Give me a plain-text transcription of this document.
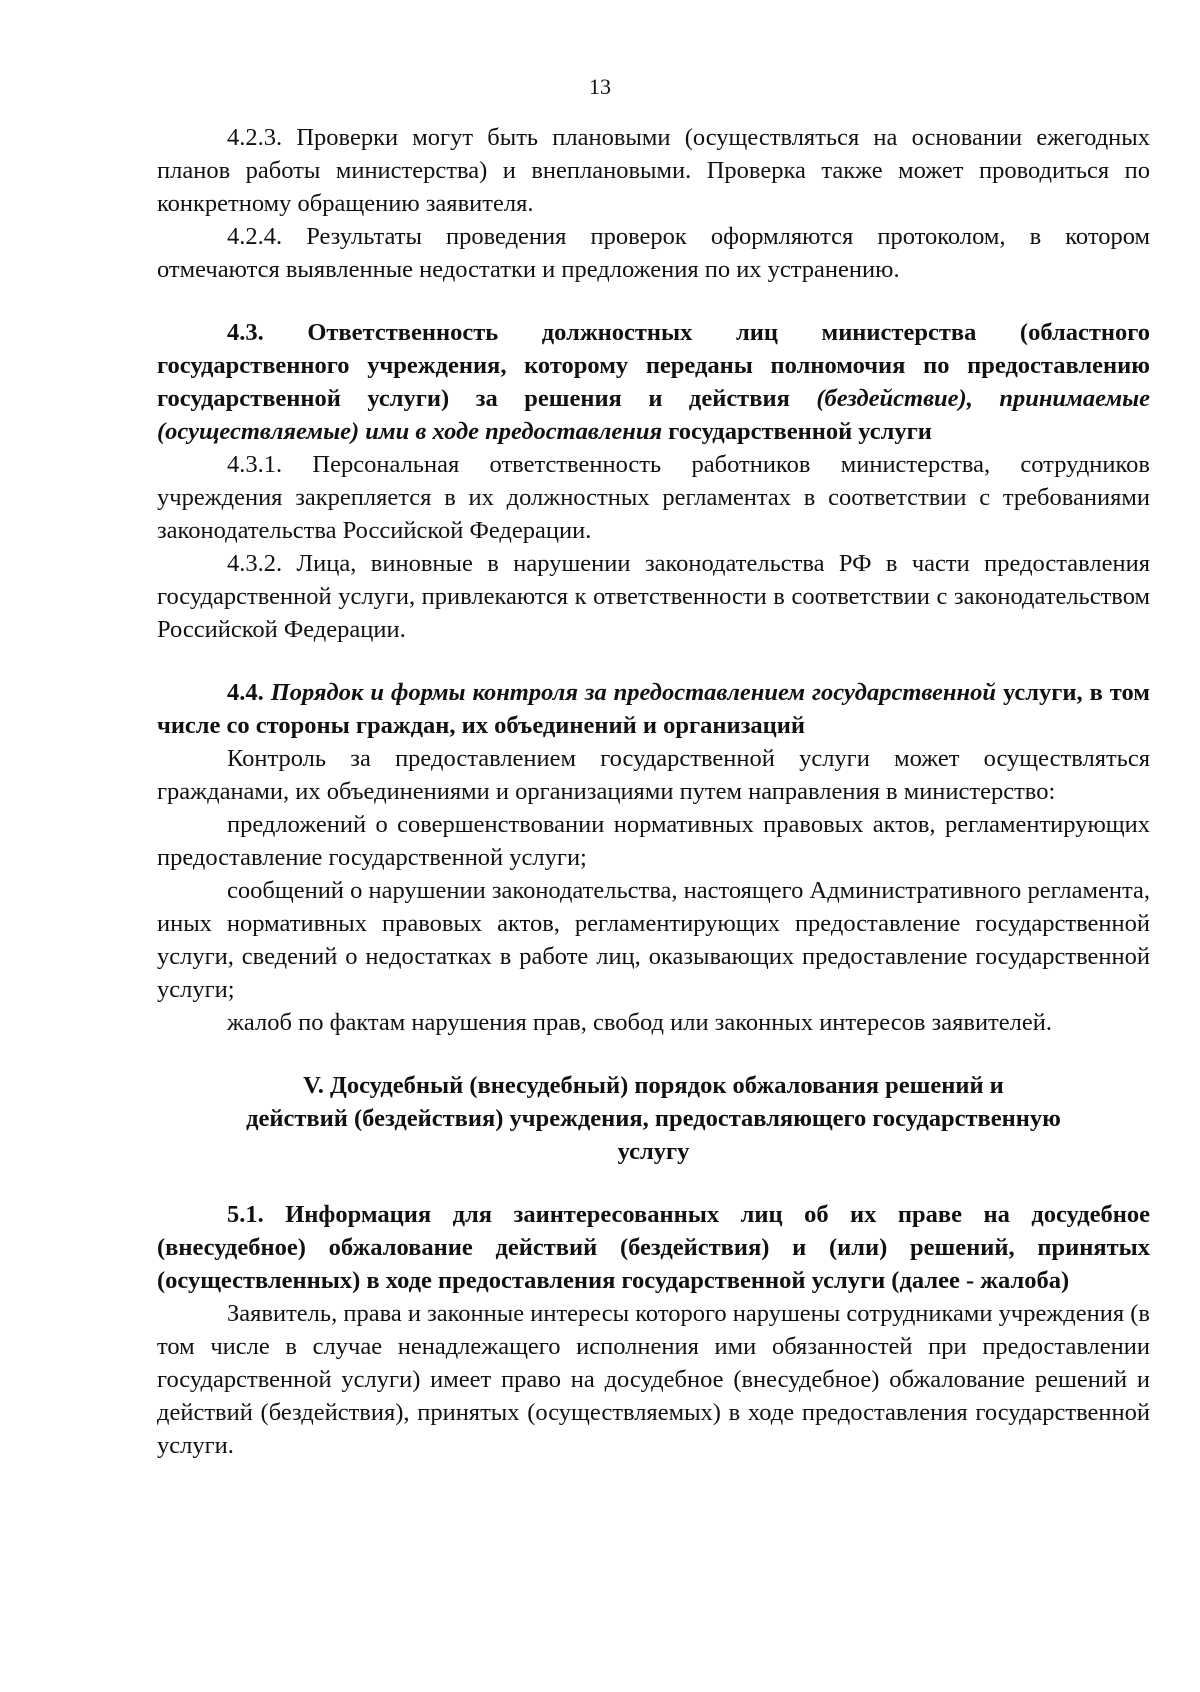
13

4.2.3. Проверки могут быть плановыми (осуществляться на основании ежегодных планов работы министерства) и внеплановыми. Проверка также может проводиться по конкретному обращению заявителя.

4.2.4. Результаты проведения проверок оформляются протоколом, в котором отмечаются выявленные недостатки и предложения по их устранению.

4.3. Ответственность должностных лиц министерства (областного государственного учреждения, которому переданы полномочия по предоставлению государственной услуги) за решения и действия (бездействие), принимаемые (осуществляемые) ими в ходе предоставления государственной услуги

4.3.1. Персональная ответственность работников министерства, сотрудников учреждения закрепляется в их должностных регламентах в соответствии с требованиями законодательства Российской Федерации.

4.3.2. Лица, виновные в нарушении законодательства РФ в части предоставления государственной услуги, привлекаются к ответственности в соответствии с законодательством Российской Федерации.

4.4. Порядок и формы контроля за предоставлением государственной услуги, в том числе со стороны граждан, их объединений и организаций

Контроль за предоставлением государственной услуги может осуществляться гражданами, их объединениями и организациями путем направления в министерство:

предложений о совершенствовании нормативных правовых актов, регламентирующих предоставление государственной услуги;

сообщений о нарушении законодательства, настоящего Административного регламента, иных нормативных правовых актов, регламентирующих предоставление государственной услуги, сведений о недостатках в работе лиц, оказывающих предоставление государственной услуги;

жалоб по фактам нарушения прав, свобод или законных интересов заявителей.

V. Досудебный (внесудебный) порядок обжалования решений и
действий (бездействия) учреждения, предоставляющего государственную
услугу

5.1. Информация для заинтересованных лиц об их праве на досудебное (внесудебное) обжалование действий (бездействия) и (или) решений, принятых (осуществленных) в ходе предоставления государственной услуги (далее - жалоба)

Заявитель, права и законные интересы которого нарушены сотрудниками учреждения (в том числе в случае ненадлежащего исполнения ими обязанностей при предоставлении государственной услуги) имеет право на досудебное (внесудебное) обжалование решений и действий (бездействия), принятых (осуществляемых) в ходе предоставления государственной услуги.
